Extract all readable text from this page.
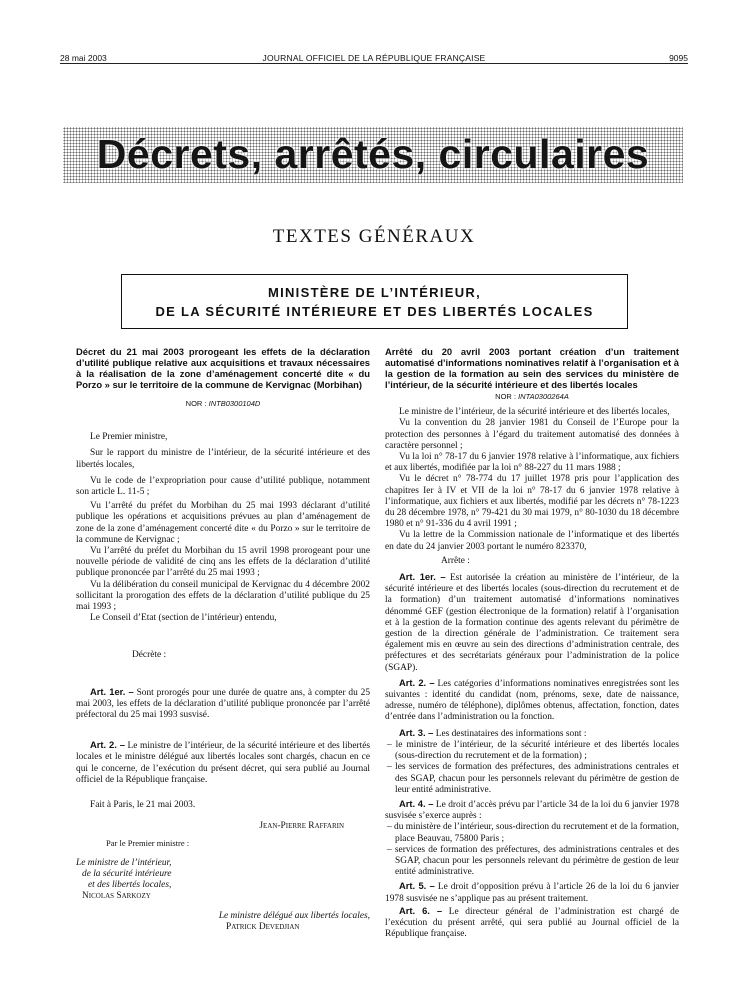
28 mai 2003	JOURNAL OFFICIEL DE LA RÉPUBLIQUE FRANÇAISE	9095
Décrets, arrêtés, circulaires
TEXTES GÉNÉRAUX
MINISTÈRE DE L’INTÉRIEUR,
DE LA SÉCURITÉ INTÉRIEURE ET DES LIBERTÉS LOCALES
Décret du 21 mai 2003 prorogeant les effets de la déclaration d’utilité publique relative aux acquisitions et travaux nécessaires à la réalisation de la zone d’aménagement concerté dite « du Porzo » sur le territoire de la commune de Kervignac (Morbihan)
NOR : INTB0300104D
Le Premier ministre,
Sur le rapport du ministre de l’intérieur, de la sécurité intérieure et des libertés locales,
Vu le code de l’expropriation pour cause d’utilité publique, notamment son article L. 11-5 ;
Vu l’arrêté du préfet du Morbihan du 25 mai 1993 déclarant d’utilité publique les opérations et acquisitions prévues au plan d’aménagement de zone de la zone d’aménagement concerté dite « du Porzo » sur le territoire de la commune de Kervignac ;
Vu l’arrêté du préfet du Morbihan du 15 avril 1998 prorogeant pour une nouvelle période de validité de cinq ans les effets de la déclaration d’utilité publique prononcée par l’arrêté du 25 mai 1993 ;
Vu la délibération du conseil municipal de Kervignac du 4 décembre 2002 sollicitant la prorogation des effets de la déclaration d’utilité publique du 25 mai 1993 ;
Le Conseil d’Etat (section de l’intérieur) entendu,
Décrète :
Art. 1er. – Sont prorogés pour une durée de quatre ans, à compter du 25 mai 2003, les effets de la déclaration d’utilité publique prononcée par l’arrêté préfectoral du 25 mai 1993 susvisé.
Art. 2. – Le ministre de l’intérieur, de la sécurité intérieure et des libertés locales et le ministre délégué aux libertés locales sont chargés, chacun en ce qui le concerne, de l’exécution du présent décret, qui sera publié au Journal officiel de la République française.
Fait à Paris, le 21 mai 2003.
Jean-Pierre Raffarin
Par le Premier ministre :
Le ministre de l’intérieur,
de la sécurité intérieure
et des libertés locales,
Nicolas Sarkozy
Le ministre délégué aux libertés locales,
Patrick Devedjian
Arrêté du 20 avril 2003 portant création d’un traitement automatisé d’informations nominatives relatif à l’organisation et à la gestion de la formation au sein des services du ministère de l’intérieur, de la sécurité intérieure et des libertés locales
NOR : INTA0300264A
Le ministre de l’intérieur, de la sécurité intérieure et des libertés locales,
Vu la convention du 28 janvier 1981 du Conseil de l’Europe pour la protection des personnes à l’égard du traitement automatisé des données à caractère personnel ;
Vu la loi n° 78-17 du 6 janvier 1978 relative à l’informatique, aux fichiers et aux libertés, modifiée par la loi n° 88-227 du 11 mars 1988 ;
Vu le décret n° 78-774 du 17 juillet 1978 pris pour l’application des chapitres Ier à IV et VII de la loi n° 78-17 du 6 janvier 1978 relative à l’informatique, aux fichiers et aux libertés, modifié par les décrets n° 78-1223 du 28 décembre 1978, n° 79-421 du 30 mai 1979, n° 80-1030 du 18 décembre 1980 et n° 91-336 du 4 avril 1991 ;
Vu la lettre de la Commission nationale de l’informatique et des libertés en date du 24 janvier 2003 portant le numéro 823370,
Arrête :
Art. 1er. – Est autorisée la création au ministère de l’intérieur, de la sécurité intérieure et des libertés locales (sous-direction du recrutement et de la formation) d’un traitement automatisé d’informations nominatives dénommé GEF (gestion électronique de la formation) relatif à l’organisation et à la gestion de la formation continue des agents relevant du périmètre de gestion de la direction générale de l’administration. Ce traitement sera également mis en œuvre au sein des directions d’administration centrale, des préfectures et des secrétariats généraux pour l’administration de la police (SGAP).
Art. 2. – Les catégories d’informations nominatives enregistrées sont les suivantes : identité du candidat (nom, prénoms, sexe, date de naissance, adresse, numéro de téléphone), diplômes obtenus, affectation, fonction, dates d’entrée dans l’administration ou la fonction.
Art. 3. – Les destinataires des informations sont :
– le ministre de l’intérieur, de la sécurité intérieure et des libertés locales (sous-direction du recrutement et de la formation) ;
– les services de formation des préfectures, des administrations centrales et des SGAP, chacun pour les personnels relevant du périmètre de gestion de leur entité administrative.
Art. 4. – Le droit d’accès prévu par l’article 34 de la loi du 6 janvier 1978 susvisée s’exerce auprès :
– du ministère de l’intérieur, sous-direction du recrutement et de la formation, place Beauvau, 75800 Paris ;
– services de formation des préfectures, des administrations centrales et des SGAP, chacun pour les personnels relevant du périmètre de gestion de leur entité administrative.
Art. 5. – Le droit d’opposition prévu à l’article 26 de la loi du 6 janvier 1978 susvisée ne s’applique pas au présent traitement.
Art. 6. – Le directeur général de l’administration est chargé de l’exécution du présent arrêté, qui sera publié au Journal officiel de la République française.
